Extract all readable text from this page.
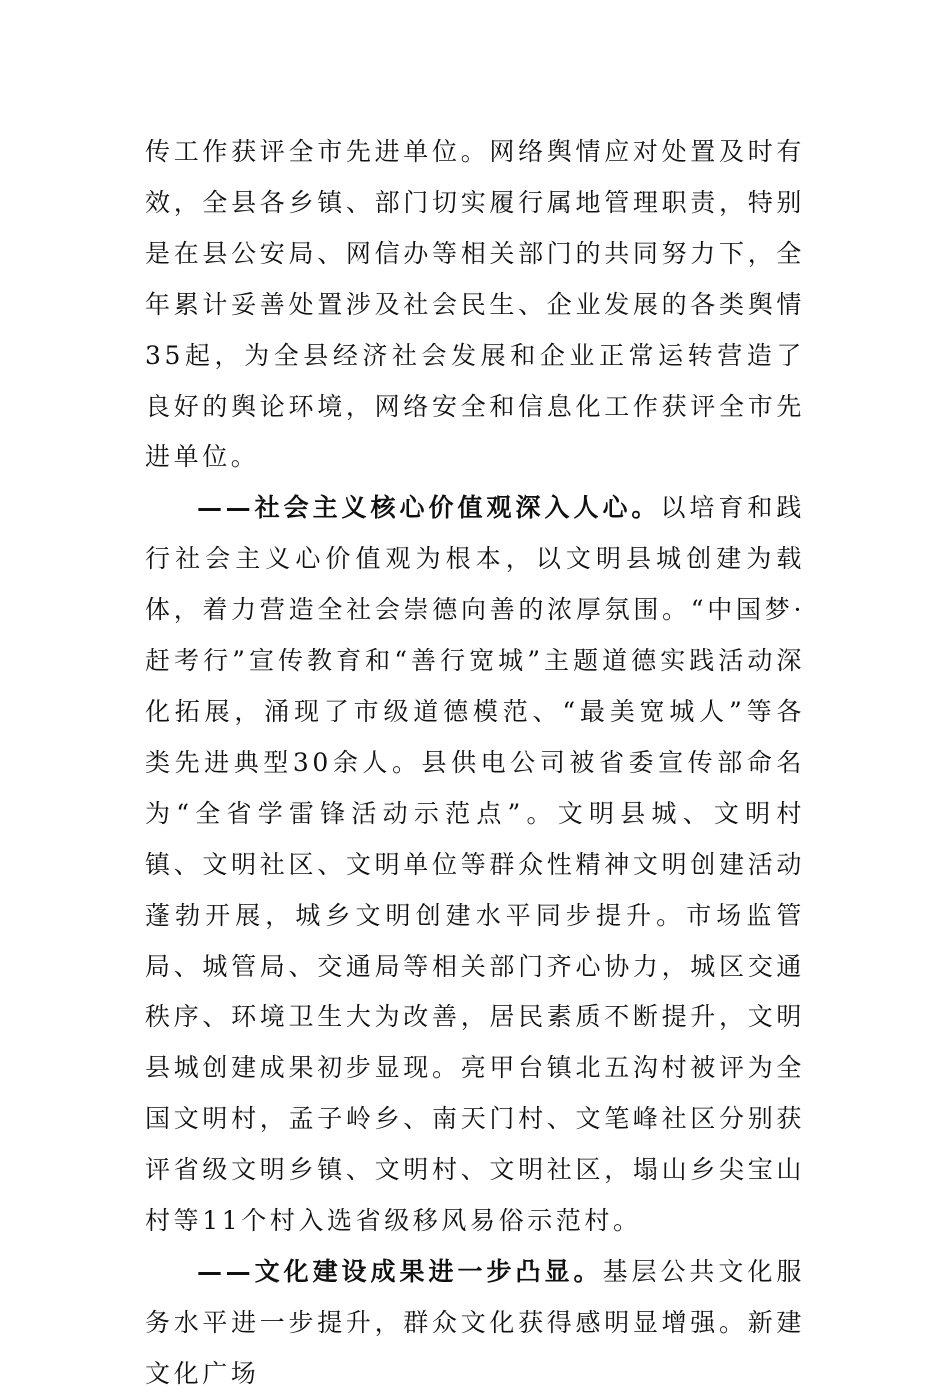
传工作获评全市先进单位。网络舆情应对处置及时有效，全县各乡镇、部门切实履行属地管理职责，特别是在县公安局、网信办等相关部门的共同努力下，全年累计妥善处置涉及社会民生、企业发展的各类舆情35起，为全县经济社会发展和企业正常运转营造了良好的舆论环境，网络安全和信息化工作获评全市先进单位。

——社会主义核心价值观深入人心。以培育和践行社会主义心价值观为根本，以文明县城创建为载体，着力营造全社会崇德向善的浓厚氛围。“中国梦·赶考行”宣传教育和“善行宽城”主题道德实践活动深化拓展，涌现了市级道德模范、“最美宽城人”等各类先进典型30余人。县供电公司被省委宣传部命名为“全省学雷锋活动示范点”。文明县城、文明村镇、文明社区、文明单位等群众性精神文明创建活动蓬勃开展，城乡文明创建水平同步提升。市场监管局、城管局、交通局等相关部门齐心协力，城区交通秩序、环境卫生大为改善，居民素质不断提升，文明县城创建成果初步显现。亮甲台镇北五沟村被评为全国文明村，孟子岭乡、南天门村、文笔峰社区分别获评省级文明乡镇、文明村、文明社区，塌山乡尖宝山村等11个村入选省级移风易俗示范村。

——文化建设成果进一步凸显。基层公共文化服务水平进一步提升，群众文化获得感明显增强。新建文化广场
